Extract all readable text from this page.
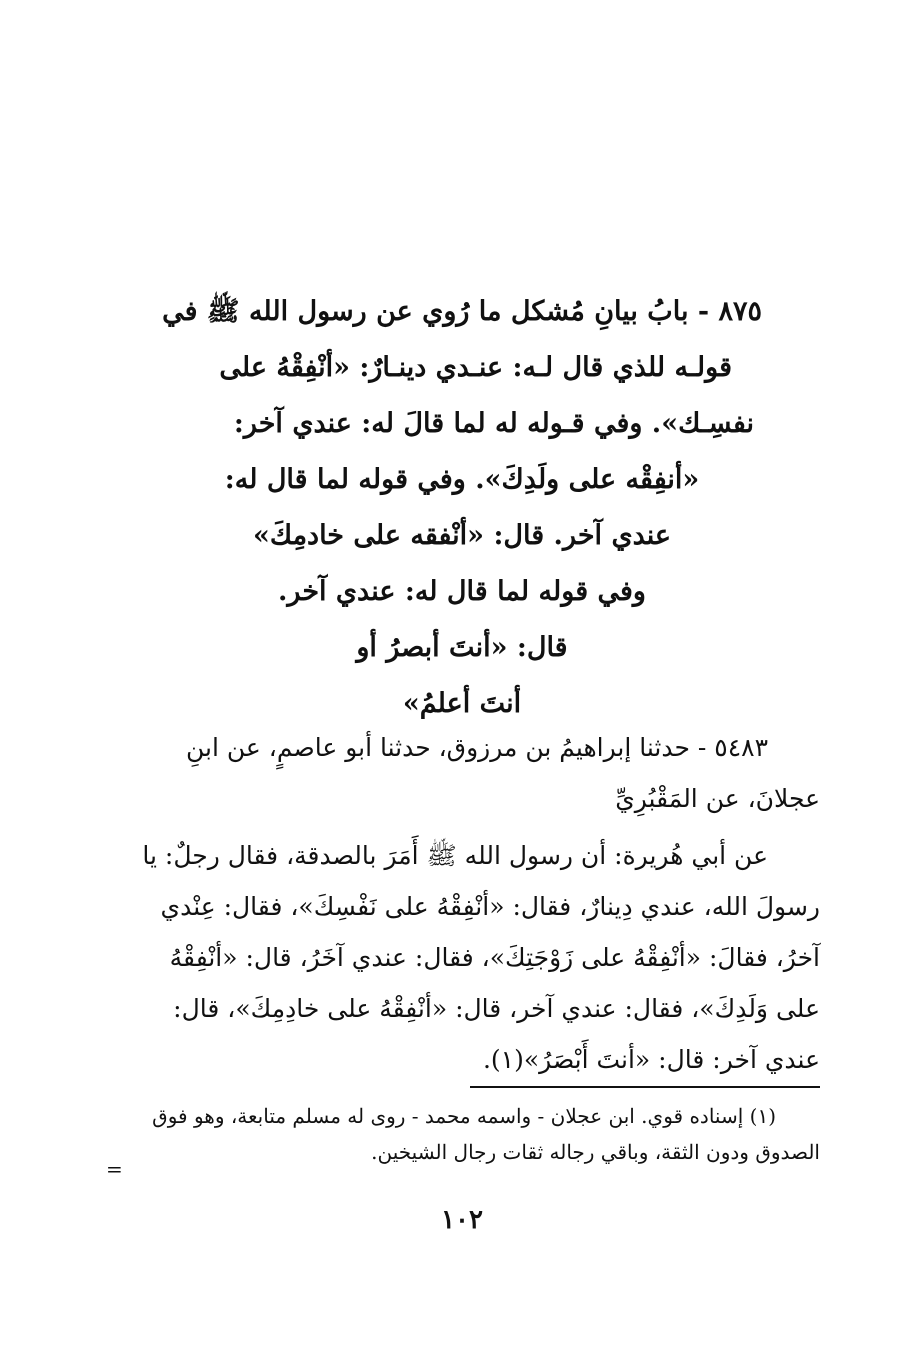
٨٧٥ - بابُ بيانِ مُشكل ما رُوي عن رسول الله ﷺ في
قولـه للذي قال لـه: عنـدي دينـارٌ: «أنْفِقْهُ على
نفسِـك». وفي قـوله له لما قالَ له: عندي آخر:
«أنفِقْه على ولَدِكَ». وفي قوله لما قال له:
عندي آخر. قال: «أنْفقه على خادمِكَ»
وفي قوله لما قال له: عندي آخر.
قال: «أنتَ أبصرُ أو
أنتَ أعلمُ»
٥٤٨٣ - حدثنا إبراهيمُ بن مرزوق، حدثنا أبو عاصمٍ، عن ابنِ
عجلانَ، عن المَقْبُرِيِّ
عن أبي هُريرة: أن رسول الله ﷺ أَمَرَ بالصدقة، فقال رجلٌ: يا
رسولَ الله، عندي دِينارٌ، فقال: «أنْفِقْهُ على نَفْسِكَ»، فقال: عِنْدي
آخرُ، فقالَ: «أنْفِقْهُ على زَوْجَتِكَ»، فقال: عندي آخَرُ، قال: «أنْفِقْهُ
على وَلَدِكَ»، فقال: عندي آخر، قال: «أنْفِقْهُ على خادِمِكَ»، قال:
عندي آخر: قال: «أنتَ أَبْصَرُ»(١).
(١) إسناده قوي. ابن عجلان - واسمه محمد - روى له مسلم متابعة، وهو فوق
الصدوق ودون الثقة، وباقي رجاله ثقات رجال الشيخين.
=
١٠٢
